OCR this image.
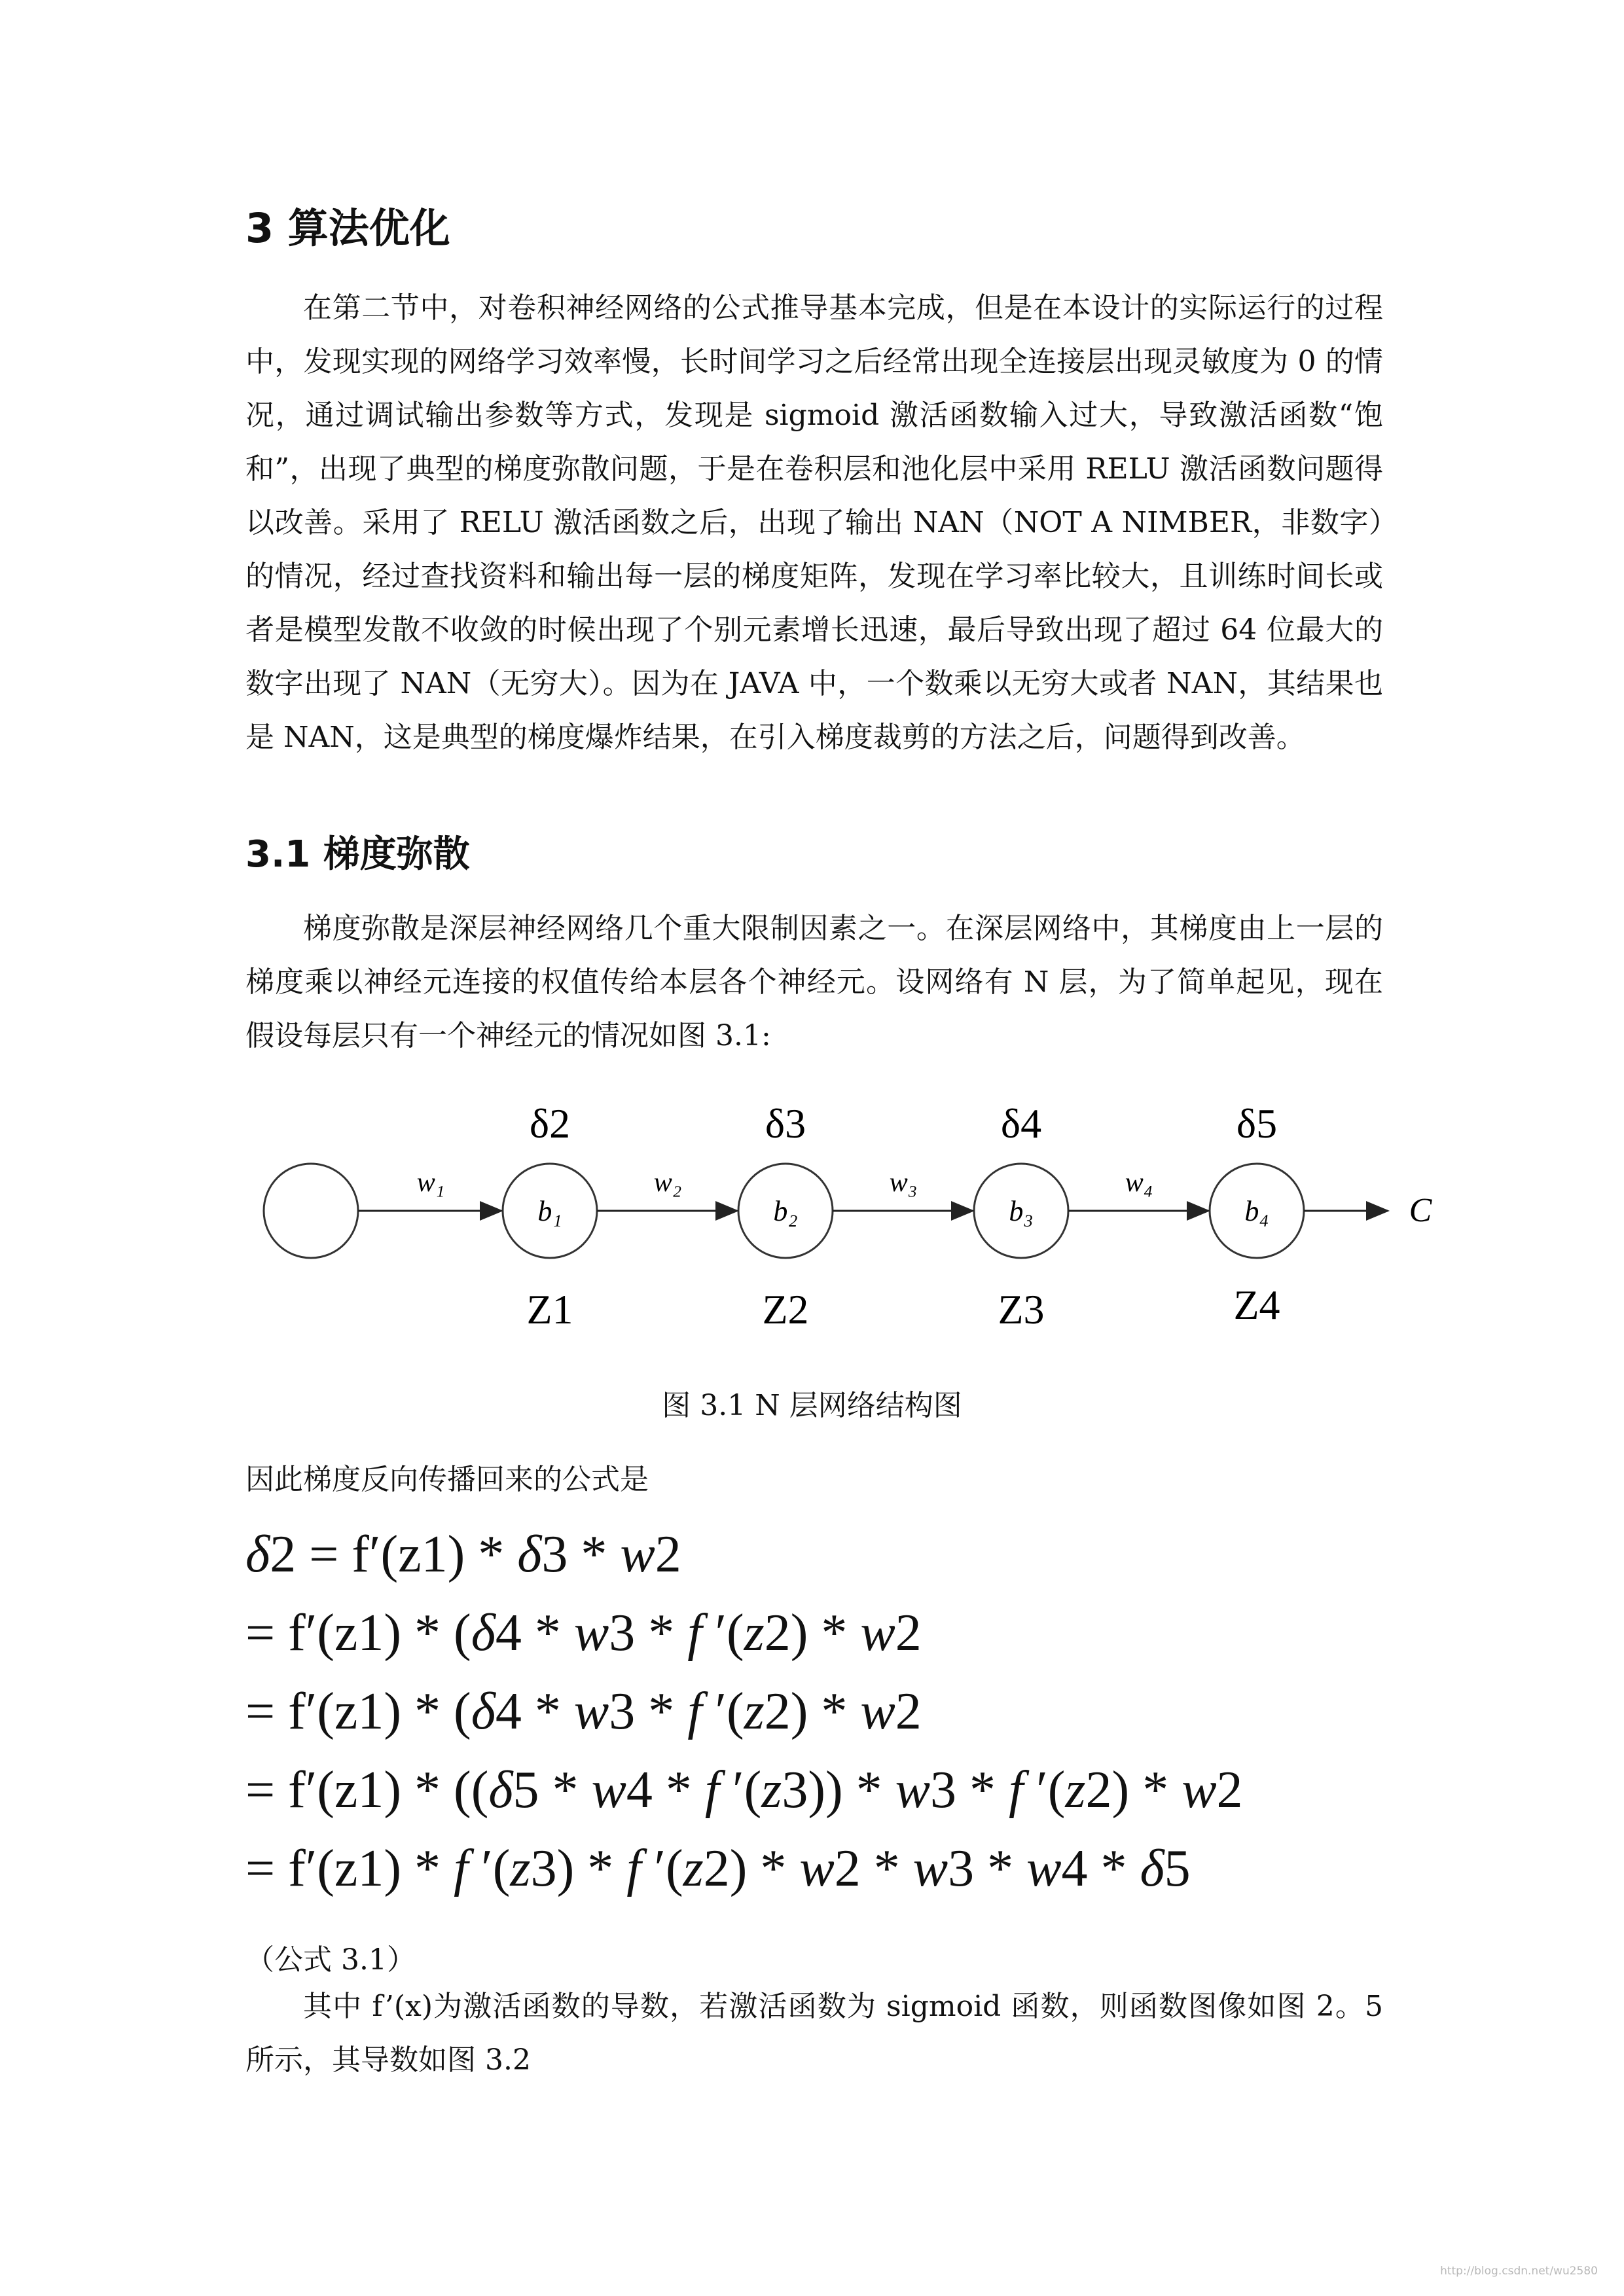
3 算法优化
在第二节中，对卷积神经网络的公式推导基本完成，但是在本设计的实际运行的过程中，发现实现的网络学习效率慢，长时间学习之后经常出现全连接层出现灵敏度为 0 的情况，通过调试输出参数等方式，发现是 sigmoid 激活函数输入过大，导致激活函数“饱和”，出现了典型的梯度弥散问题，于是在卷积层和池化层中采用 RELU 激活函数问题得以改善。采用了 RELU 激活函数之后，出现了输出 NAN（NOT A NIMBER，非数字）的情况，经过查找资料和输出每一层的梯度矩阵，发现在学习率比较大，且训练时间长或者是模型发散不收敛的时候出现了个别元素增长迅速，最后导致出现了超过 64 位最大的数字出现了 NAN（无穷大）。因为在 JAVA 中，一个数乘以无穷大或者 NAN，其结果也是 NAN，这是典型的梯度爆炸结果，在引入梯度裁剪的方法之后，问题得到改善。
3.1 梯度弥散
梯度弥散是深层神经网络几个重大限制因素之一。在深层网络中，其梯度由上一层的梯度乘以神经元连接的权值传给本层各个神经元。设网络有 N 层，为了简单起见，现在假设每层只有一个神经元的情况如图 3.1:
b₁
δ2
Z1
b₂
δ3
Z2
b₃
δ4
Z3
b₄
δ5
Z4
w₁	w₂	w₃	w₄
C
图 3.1 N 层网络结构图
因此梯度反向传播回来的公式是
δ2 = f′(z1) * δ3 * w2
= f′(z1) * (δ4 * w3 * f ′(z2) * w2
= f′(z1) * (δ4 * w3 * f ′(z2) * w2
= f′(z1) * ((δ5 * w4 * f ′(z3)) * w3 * f ′(z2) * w2
= f′(z1) * f ′(z3) * f ′(z2) * w2 * w3 * w4 * δ5
（公式 3.1）
其中 f’(x)为激活函数的导数，若激活函数为 sigmoid 函数，则函数图像如图 2。5 所示，其导数如图 3.2
http://blog.csdn.net/wu2580
